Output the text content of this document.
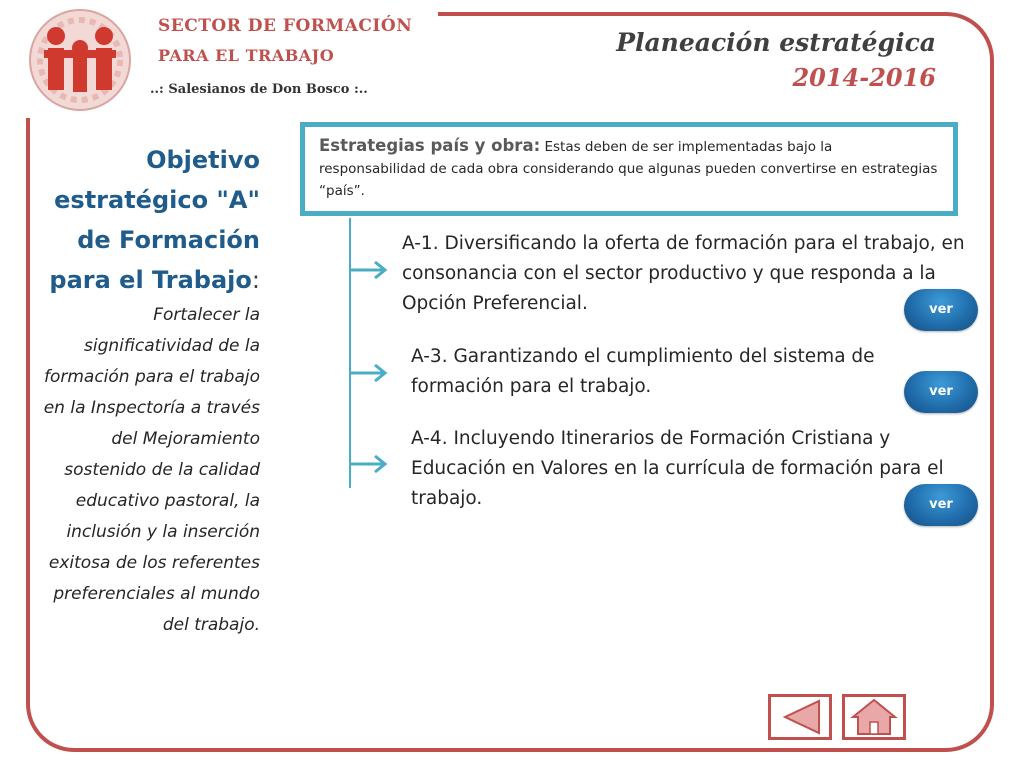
SECTOR DE FORMACIÓN
PARA EL TRABAJO
..: Salesianos de Don Bosco :..
Planeación estratégica
2014-2016
Objetivo estratégico "A" de Formación para el Trabajo:
Fortalecer la significatividad de la formación para el trabajo en la Inspectoría a través del Mejoramiento sostenido de la calidad educativo pastoral, la inclusión y la inserción exitosa de los referentes preferenciales al mundo del trabajo.
Estrategias país y obra: Estas deben de ser implementadas bajo la responsabilidad de cada obra considerando que algunas pueden convertirse en estrategias “país”.
A-1. Diversificando la oferta de formación para el trabajo, en consonancia con el sector productivo y que responda a la Opción Preferencial.	ver
A-3. Garantizando el cumplimiento del sistema de formación para el trabajo.	ver
A-4. Incluyendo Itinerarios de Formación Cristiana y Educación en Valores en la currícula de formación para el trabajo.	ver
